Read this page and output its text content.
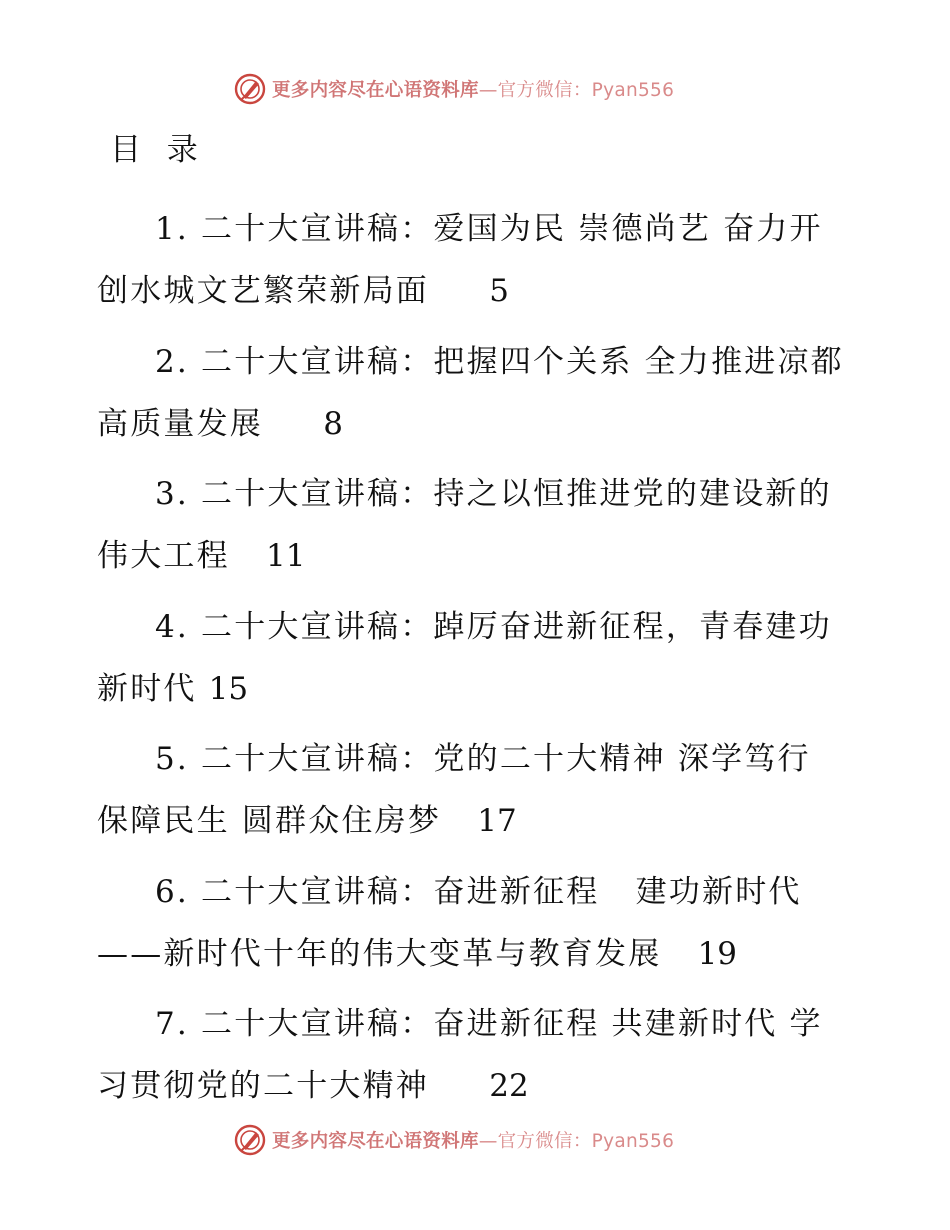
更多内容尽在心语资料库—官方微信：Pyan556
目  录
1. 二十大宣讲稿：爱国为民 崇德尚艺 奋力开
创水城文艺繁荣新局面 5
2. 二十大宣讲稿：把握四个关系 全力推进凉都
高质量发展 8
3. 二十大宣讲稿：持之以恒推进党的建设新的
伟大工程 11
4. 二十大宣讲稿：踔厉奋进新征程，青春建功
新时代 15
5. 二十大宣讲稿：党的二十大精神 深学笃行
保障民生 圆群众住房梦 17
6. 二十大宣讲稿：奋进新征程   建功新时代
——新时代十年的伟大变革与教育发展 19
7. 二十大宣讲稿：奋进新征程 共建新时代 学
习贯彻党的二十大精神 22
更多内容尽在心语资料库—官方微信：Pyan556
